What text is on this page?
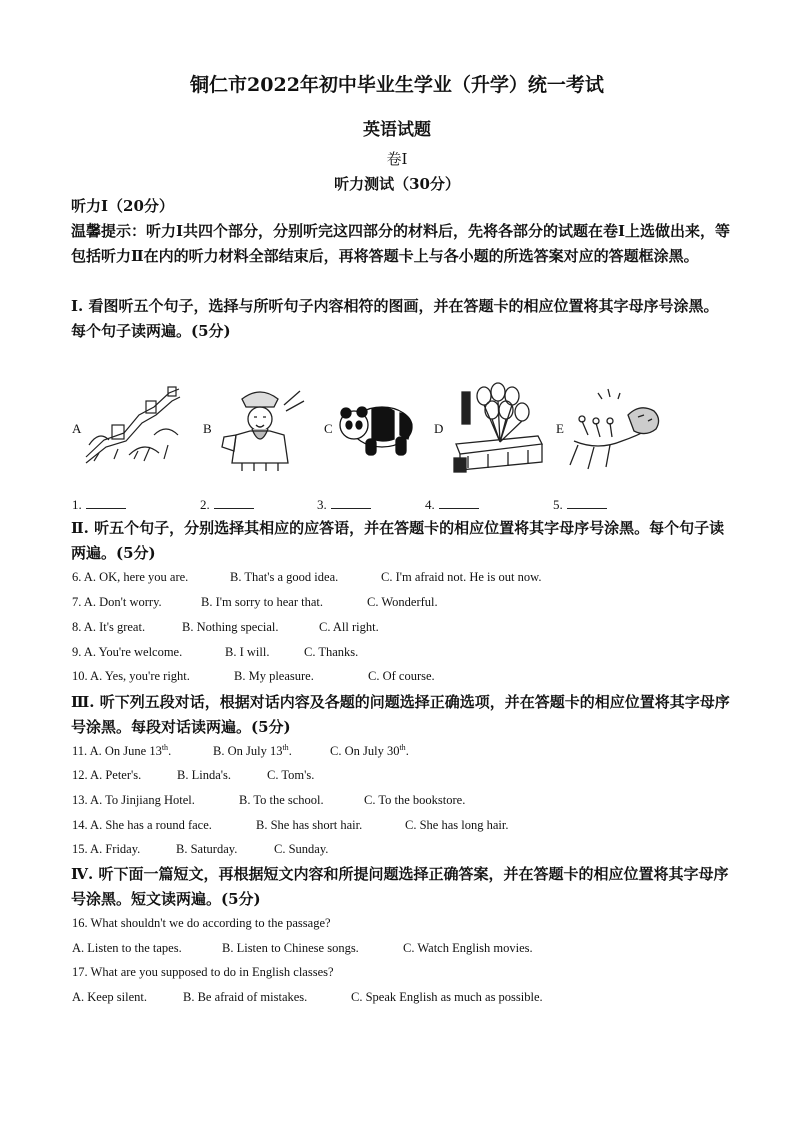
铜仁市2022年初中毕业生学业（升学）统一考试
英语试题
卷Ⅰ
听力测试（30分）
听力Ⅰ（20分）
温馨提示：听力Ⅰ共四个部分，分别听完这四部分的材料后，先将各部分的试题在卷Ⅰ上选做出来，等包括听力Ⅱ在内的听力材料全部结束后，再将答题卡上与各小题的所选答案对应的答题框涂黑。
Ⅰ. 看图听五个句子，选择与所听句子内容相符的图画，并在答题卡的相应位置将其字母序号涂黑。每个句子读两遍。(5分)
A	B	C	D	E
1.	2.	3.	4.	5.
Ⅱ. 听五个句子，分别选择其相应的应答语，并在答题卡的相应位置将其字母序号涂黑。每个句子读两遍。(5分)
6. A. OK, here you are.	B. That's a good idea.	C. I'm afraid not. He is out now.
7. A. Don't worry.	B. I'm sorry to hear that.	C. Wonderful.
8. A. It's great.	B. Nothing special.	C. All right.
9. A. You're welcome.	B. I will.	C. Thanks.
10. A. Yes, you're right.	B. My pleasure.	C. Of course.
Ⅲ. 听下列五段对话，根据对话内容及各题的问题选择正确选项，并在答题卡的相应位置将其字母序号涂黑。每段对话读两遍。(5分)
11. A. On June 13th.	B. On July 13th.	C. On July 30th.
12. A. Peter's.	B. Linda's.	C. Tom's.
13. A. To Jinjiang Hotel.	B. To the school.	C. To the bookstore.
14. A. She has a round face.	B. She has short hair.	C. She has long hair.
15. A. Friday.	B. Saturday.	C. Sunday.
Ⅳ. 听下面一篇短文，再根据短文内容和所提问题选择正确答案，并在答题卡的相应位置将其字母序号涂黑。短文读两遍。(5分)
16. What shouldn't we do according to the passage?
A. Listen to the tapes.	B. Listen to Chinese songs.	C. Watch English movies.
17. What are you supposed to do in English classes?
A. Keep silent.	B. Be afraid of mistakes.	C. Speak English as much as possible.
